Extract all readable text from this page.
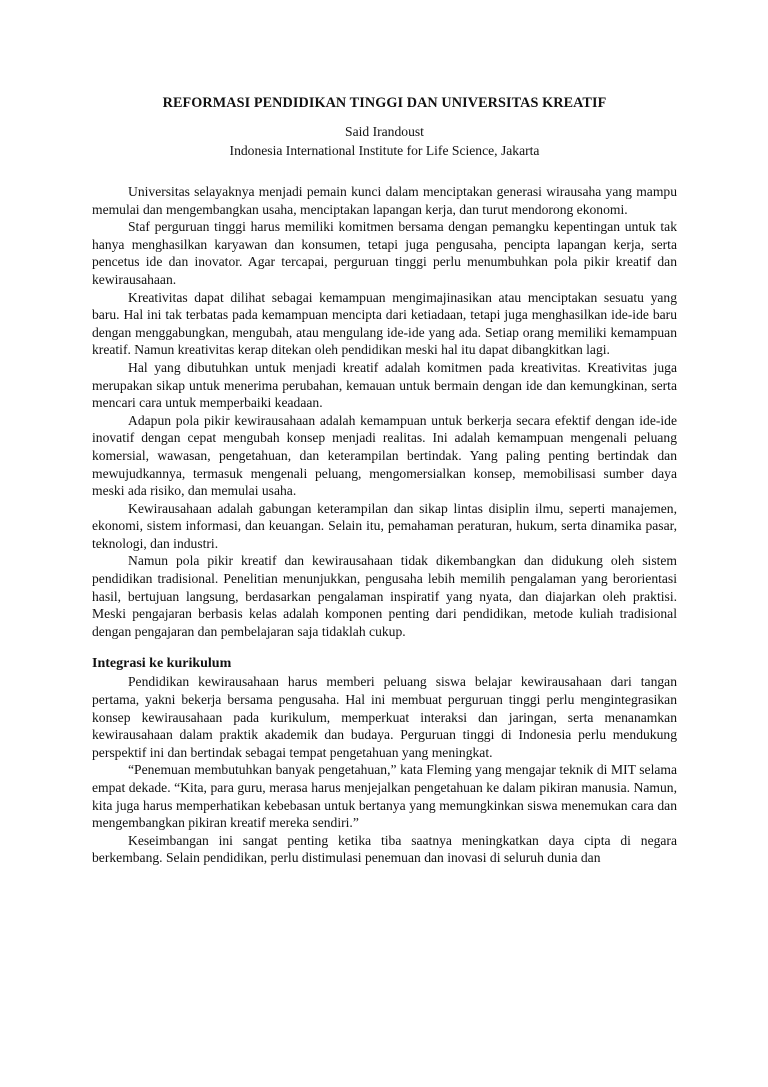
REFORMASI PENDIDIKAN TINGGI DAN UNIVERSITAS KREATIF
Said Irandoust
Indonesia International Institute for Life Science, Jakarta

Universitas selayaknya menjadi pemain kunci dalam menciptakan generasi wirausaha yang mampu memulai dan mengembangkan usaha, menciptakan lapangan kerja, dan turut mendorong ekonomi.

Staf perguruan tinggi harus memiliki komitmen bersama dengan pemangku kepentingan untuk tak hanya menghasilkan karyawan dan konsumen, tetapi juga pengusaha, pencipta lapangan kerja, serta pencetus ide dan inovator. Agar tercapai, perguruan tinggi perlu menumbuhkan pola pikir kreatif dan kewirausahaan.

Kreativitas dapat dilihat sebagai kemampuan mengimajinasikan atau menciptakan sesuatu yang baru. Hal ini tak terbatas pada kemampuan mencipta dari ketiadaan, tetapi juga menghasilkan ide-ide baru dengan menggabungkan, mengubah, atau mengulang ide-ide yang ada. Setiap orang memiliki kemampuan kreatif. Namun kreativitas kerap ditekan oleh pendidikan meski hal itu dapat dibangkitkan lagi.

Hal yang dibutuhkan untuk menjadi kreatif adalah komitmen pada kreativitas. Kreativitas juga merupakan sikap untuk menerima perubahan, kemauan untuk bermain dengan ide dan kemungkinan, serta mencari cara untuk memperbaiki keadaan.

Adapun pola pikir kewirausahaan adalah kemampuan untuk berkerja secara efektif dengan ide-ide inovatif dengan cepat mengubah konsep menjadi realitas. Ini adalah kemampuan mengenali peluang komersial, wawasan, pengetahuan, dan keterampilan bertindak. Yang paling penting bertindak dan mewujudkannya, termasuk mengenali peluang, mengomersialkan konsep, memobilisasi sumber daya meski ada risiko, dan memulai usaha.

Kewirausahaan adalah gabungan keterampilan dan sikap lintas disiplin ilmu, seperti manajemen, ekonomi, sistem informasi, dan keuangan. Selain itu, pemahaman peraturan, hukum, serta dinamika pasar, teknologi, dan industri.

Namun pola pikir kreatif dan kewirausahaan tidak dikembangkan dan didukung oleh sistem pendidikan tradisional. Penelitian menunjukkan, pengusaha lebih memilih pengalaman yang berorientasi hasil, bertujuan langsung, berdasarkan pengalaman inspiratif yang nyata, dan diajarkan oleh praktisi. Meski pengajaran berbasis kelas adalah komponen penting dari pendidikan, metode kuliah tradisional dengan pengajaran dan pembelajaran saja tidaklah cukup.

Integrasi ke kurikulum

Pendidikan kewirausahaan harus memberi peluang siswa belajar kewirausahaan dari tangan pertama, yakni bekerja bersama pengusaha. Hal ini membuat perguruan tinggi perlu mengintegrasikan konsep kewirausahaan pada kurikulum, memperkuat interaksi dan jaringan, serta menanamkan kewirausahaan dalam praktik akademik dan budaya. Perguruan tinggi di Indonesia perlu mendukung perspektif ini dan bertindak sebagai tempat pengetahuan yang meningkat.

“Penemuan membutuhkan banyak pengetahuan,” kata Fleming yang mengajar teknik di MIT selama empat dekade. “Kita, para guru, merasa harus menjejalkan pengetahuan ke dalam pikiran manusia. Namun, kita juga harus memperhatikan kebebasan untuk bertanya yang memungkinkan siswa menemukan cara dan mengembangkan pikiran kreatif mereka sendiri.”

Keseimbangan ini sangat penting ketika tiba saatnya meningkatkan daya cipta di negara berkembang. Selain pendidikan, perlu distimulasi penemuan dan inovasi di seluruh dunia dan
